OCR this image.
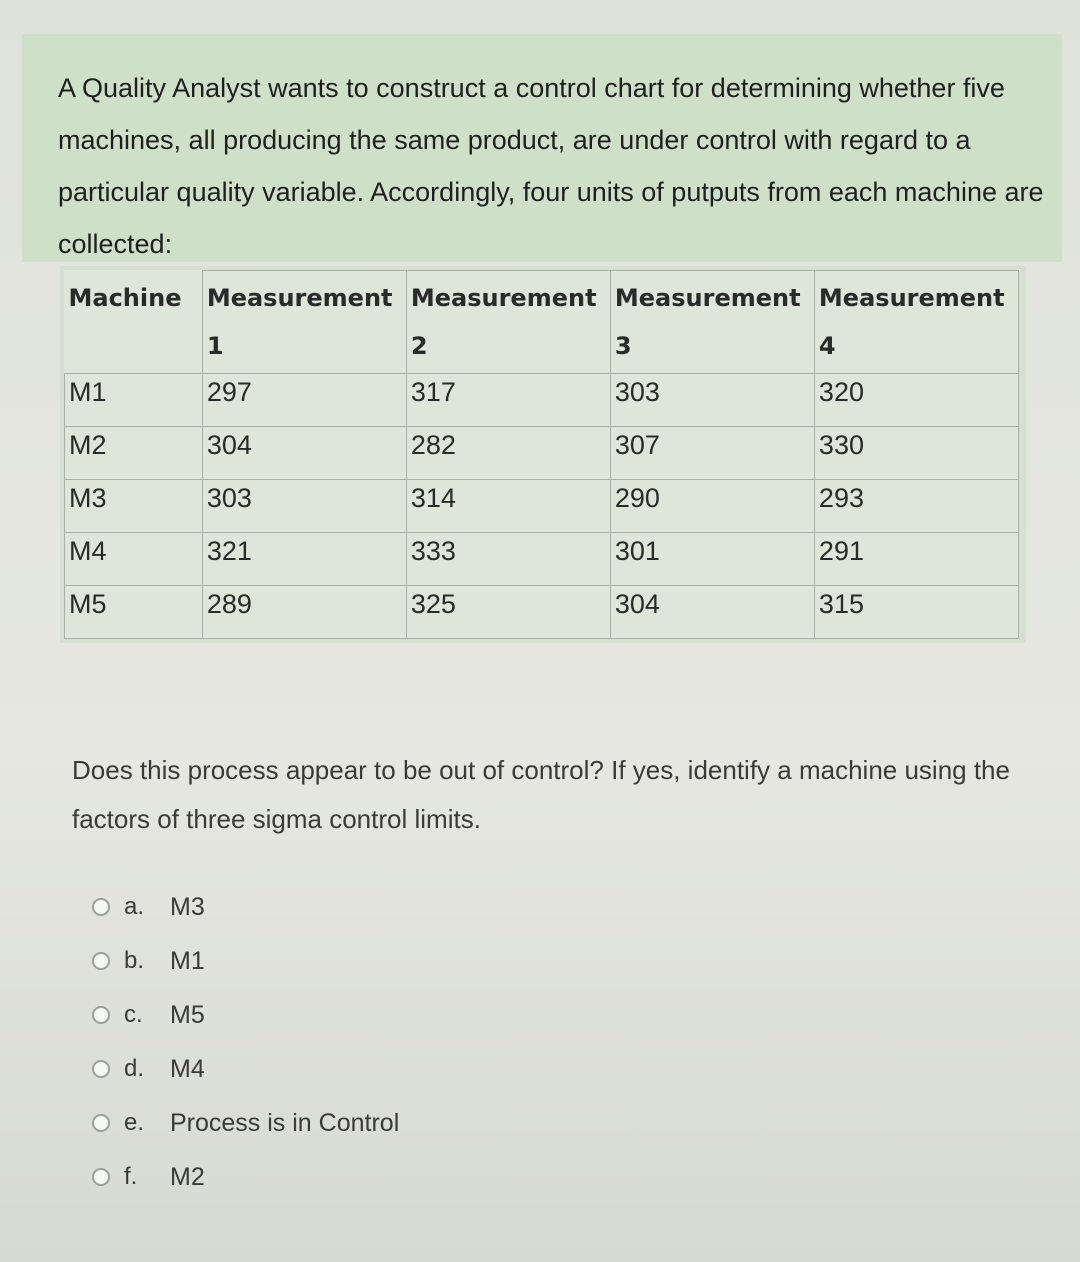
A Quality Analyst wants to construct a control chart for determining whether five machines, all producing the same product, are under control with regard to a particular quality variable. Accordingly, four units of putputs from each machine are collected:
Machine	Measurement 1	Measurement 2	Measurement 3	Measurement 4
M1	297	317	303	320
M2	304	282	307	330
M3	303	314	290	293
M4	321	333	301	291
M5	289	325	304	315
Does this process appear to be out of control? If yes, identify a machine using the factors of three sigma control limits.
a.	M3
b.	M1
c.	M5
d.	M4
e.	Process is in Control
f.	M2
